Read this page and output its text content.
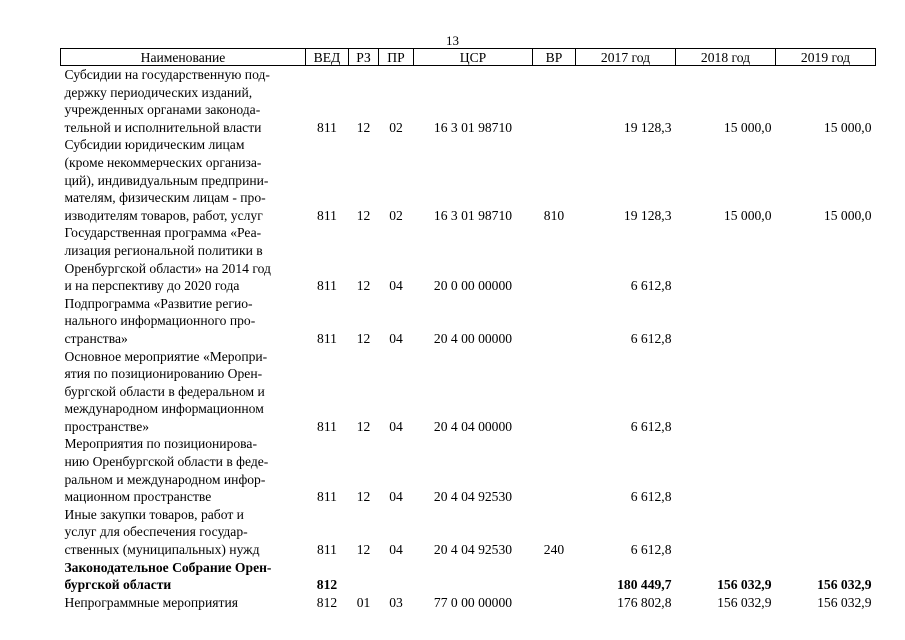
13
Наименование	ВЕД	РЗ	ПР	ЦСР	ВР	2017 год	2018 год	2019 год

Субсидии на государственную под-
держку периодических изданий,
учрежденных органами законода-
тельной и исполнительной власти	811	12	02	16 3 01 98710		19 128,3	15 000,0	15 000,0

Субсидии юридическим лицам
(кроме некоммерческих организа-
ций), индивидуальным предприни-
мателям, физическим лицам - про-
изводителям товаров, работ, услуг	811	12	02	16 3 01 98710	810	19 128,3	15 000,0	15 000,0

Государственная программа «Реа-
лизация региональной политики в
Оренбургской области» на 2014 год
и на перспективу до 2020 года	811	12	04	20 0 00 00000		6 612,8		

Подпрограмма «Развитие регио-
нального информационного про-
странства»	811	12	04	20 4 00 00000		6 612,8		

Основное мероприятие «Меропри-
ятия по позиционированию Орен-
бургской области в федеральном и
международном информационном
пространстве»	811	12	04	20 4 04 00000		6 612,8		

Мероприятия по позиционирова-
нию Оренбургской области в феде-
ральном и международном инфор-
мационном пространстве	811	12	04	20 4 04 92530		6 612,8		

Иные закупки товаров, работ и
услуг для обеспечения государ-
ственных (муниципальных) нужд	811	12	04	20 4 04 92530	240	6 612,8		

Законодательное Собрание Орен-
бургской области	812					180 449,7	156 032,9	156 032,9

Непрограммные мероприятия	812	01	03	77 0 00 00000		176 802,8	156 032,9	156 032,9
